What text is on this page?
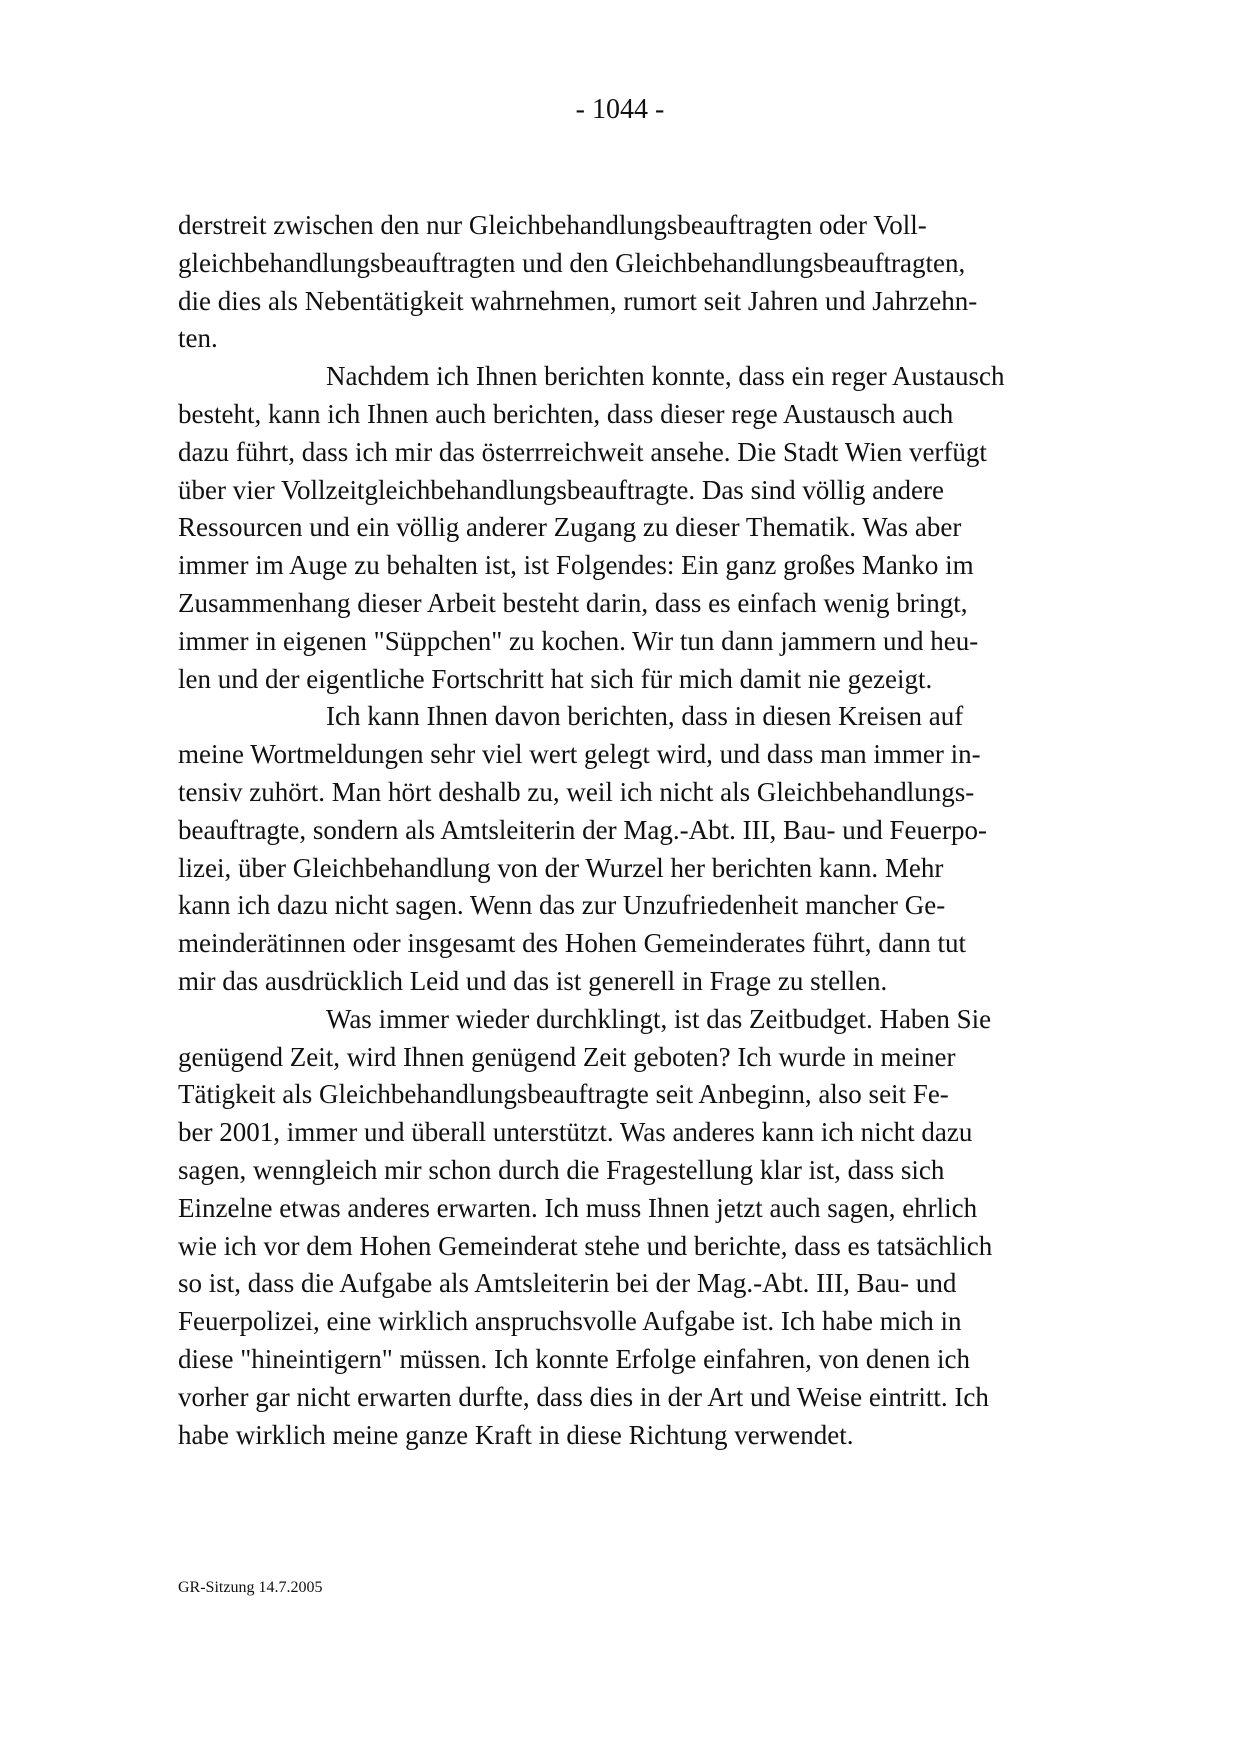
- 1044 -
derstreit zwischen den nur Gleichbehandlungsbeauftragten oder Voll-
gleichbehandlungsbeauftragten und den Gleichbehandlungsbeauftragten,
die dies als Nebentätigkeit wahrnehmen, rumort seit Jahren und Jahrzehn-
ten.
Nachdem ich Ihnen berichten konnte, dass ein reger Austausch
besteht, kann ich Ihnen auch berichten, dass dieser rege Austausch auch
dazu führt, dass ich mir das österrreichweit ansehe. Die Stadt Wien verfügt
über vier Vollzeitgleichbehandlungsbeauftragte. Das sind völlig andere
Ressourcen und ein völlig anderer Zugang zu dieser Thematik. Was aber
immer im Auge zu behalten ist, ist Folgendes: Ein ganz großes Manko im
Zusammenhang dieser Arbeit besteht darin, dass es einfach wenig bringt,
immer in eigenen "Süppchen" zu kochen. Wir tun dann jammern und heu-
len und der eigentliche Fortschritt hat sich für mich damit nie gezeigt.
Ich kann Ihnen davon berichten, dass in diesen Kreisen auf
meine Wortmeldungen sehr viel wert gelegt wird, und dass man immer in-
tensiv zuhört. Man hört deshalb zu, weil ich nicht als Gleichbehandlungs-
beauftragte, sondern als Amtsleiterin der Mag.-Abt. III, Bau- und Feuerpo-
lizei, über Gleichbehandlung von der Wurzel her berichten kann. Mehr
kann ich dazu nicht sagen. Wenn das zur Unzufriedenheit mancher Ge-
meinderätinnen oder insgesamt des Hohen Gemeinderates führt, dann tut
mir das ausdrücklich Leid und das ist generell in Frage zu stellen.
Was immer wieder durchklingt, ist das Zeitbudget. Haben Sie
genügend Zeit, wird Ihnen genügend Zeit geboten? Ich wurde in meiner
Tätigkeit als Gleichbehandlungsbeauftragte seit Anbeginn, also seit Fe-
ber 2001, immer und überall unterstützt. Was anderes kann ich nicht dazu
sagen, wenngleich mir schon durch die Fragestellung klar ist, dass sich
Einzelne etwas anderes erwarten. Ich muss Ihnen jetzt auch sagen, ehrlich
wie ich vor dem Hohen Gemeinderat stehe und berichte, dass es tatsächlich
so ist, dass die Aufgabe als Amtsleiterin bei der Mag.-Abt. III, Bau- und
Feuerpolizei, eine wirklich anspruchsvolle Aufgabe ist. Ich habe mich in
diese "hineintigern" müssen. Ich konnte Erfolge einfahren, von denen ich
vorher gar nicht erwarten durfte, dass dies in der Art und Weise eintritt. Ich
habe wirklich meine ganze Kraft in diese Richtung verwendet.
GR-Sitzung 14.7.2005
